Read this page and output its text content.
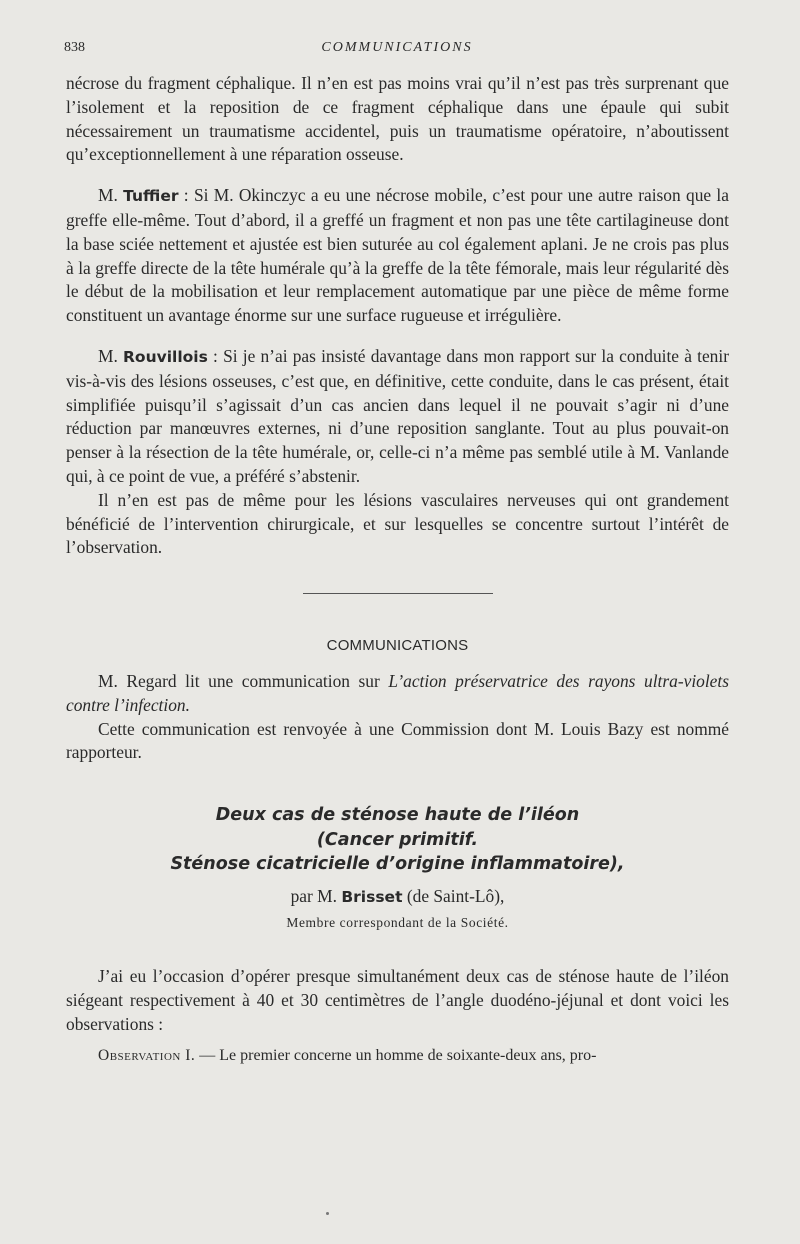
838	COMMUNICATIONS

nécrose du fragment céphalique. Il n’en est pas moins vrai qu’il n’est pas très surprenant que l’isolement et la reposition de ce fragment céphalique dans une épaule qui subit nécessairement un traumatisme accidentel, puis un traumatisme opératoire, n’aboutissent qu’exceptionnellement à une réparation osseuse.

M. Tuffier : Si M. Okinczyc a eu une nécrose mobile, c’est pour une autre raison que la greffe elle-même. Tout d’abord, il a greffé un fragment et non pas une tête cartilagineuse dont la base sciée nettement et ajustée est bien suturée au col également aplani. Je ne crois pas plus à la greffe directe de la tête humérale qu’à la greffe de la tête fémorale, mais leur régularité dès le début de la mobilisation et leur remplacement automatique par une pièce de même forme constituent un avantage énorme sur une surface rugueuse et irrégulière.

M. Rouvillois : Si je n’ai pas insisté davantage dans mon rapport sur la conduite à tenir vis-à-vis des lésions osseuses, c’est que, en définitive, cette conduite, dans le cas présent, était simplifiée puisqu’il s’agissait d’un cas ancien dans lequel il ne pouvait s’agir ni d’une réduction par manœuvres externes, ni d’une reposition sanglante. Tout au plus pouvait-on penser à la résection de la tête humérale, or, celle-ci n’a même pas semblé utile à M. Vanlande qui, à ce point de vue, a préféré s’abstenir.

Il n’en est pas de même pour les lésions vasculaires nerveuses qui ont grandement bénéficié de l’intervention chirurgicale, et sur lesquelles se concentre surtout l’intérêt de l’observation.

COMMUNICATIONS

M. Regard lit une communication sur L’action préservatrice des rayons ultra-violets contre l’infection.

Cette communication est renvoyée à une Commission dont M. Louis Bazy est nommé rapporteur.

Deux cas de sténose haute de l’iléon
(Cancer primitif.
Sténose cicatricielle d’origine inflammatoire),
par M. Brisset (de Saint-Lô),
Membre correspondant de la Société.

J’ai eu l’occasion d’opérer presque simultanément deux cas de sténose haute de l’iléon siégeant respectivement à 40 et 30 centimètres de l’angle duodéno-jéjunal et dont voici les observations :

Observation I. — Le premier concerne un homme de soixante-deux ans, pro-
